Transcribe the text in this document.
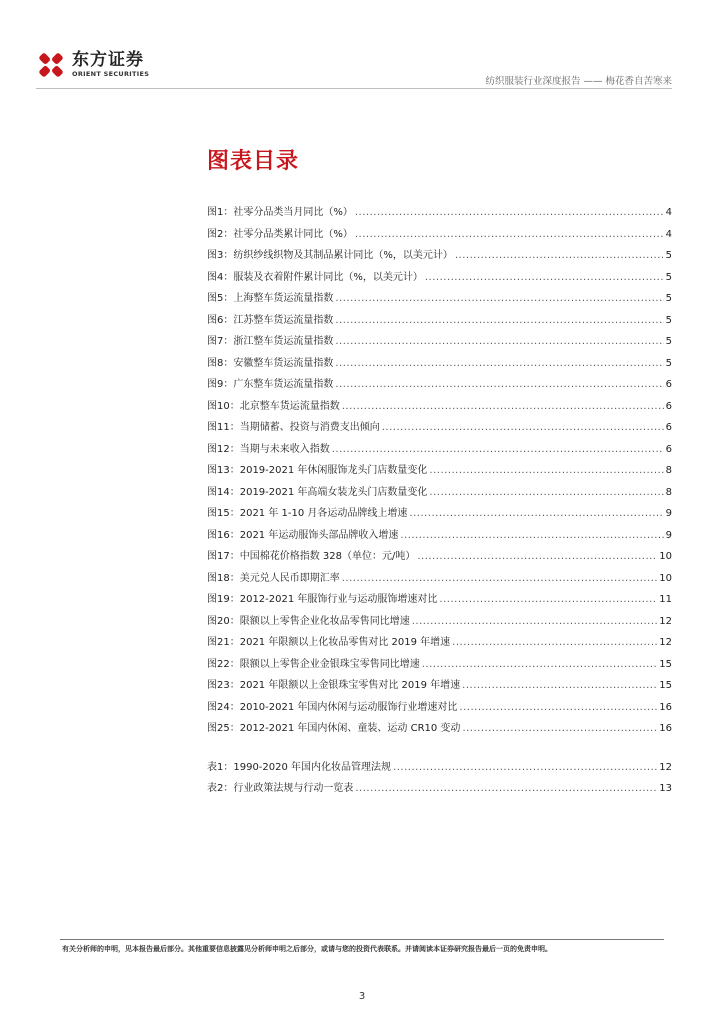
东方证券
ORIENT SECURITIES
纺织服装行业深度报告 —— 梅花香自苦寒来
图表目录
图1：社零分品类当月同比（%） .....	4
图2：社零分品类累计同比（%） .....	4
图3：纺织纱线织物及其制品累计同比（%，以美元计） .....	5
图4：服装及衣着附件累计同比（%，以美元计） .....	5
图5：上海整车货运流量指数 .....	5
图6：江苏整车货运流量指数 .....	5
图7：浙江整车货运流量指数 .....	5
图8：安徽整车货运流量指数 .....	5
图9：广东整车货运流量指数 .....	6
图10：北京整车货运流量指数 .....	6
图11：当期储蓄、投资与消费支出倾向 .....	6
图12：当期与未来收入指数 .....	6
图13：2019-2021 年休闲服饰龙头门店数量变化 .....	8
图14：2019-2021 年高端女装龙头门店数量变化 .....	8
图15：2021 年 1-10 月各运动品牌线上增速 .....	9
图16：2021 年运动服饰头部品牌收入增速 .....	9
图17：中国棉花价格指数 328（单位：元/吨） .....	10
图18：美元兑人民币即期汇率 .....	10
图19：2012-2021 年服饰行业与运动服饰增速对比 .....	11
图20：限额以上零售企业化妆品零售同比增速 .....	12
图21：2021 年限额以上化妆品零售对比 2019 年增速 .....	12
图22：限额以上零售企业金银珠宝零售同比增速 .....	15
图23：2021 年限额以上金银珠宝零售对比 2019 年增速 .....	15
图24：2010-2021 年国内休闲与运动服饰行业增速对比 .....	16
图25：2012-2021 年国内休闲、童装、运动 CR10 变动 .....	16
表1：1990-2020 年国内化妆品管理法规 .....	12
表2：行业政策法规与行动一览表 .....	13
有关分析师的申明，见本报告最后部分。其他重要信息披露见分析师申明之后部分，或请与您的投资代表联系。并请阅读本证券研究报告最后一页的免责申明。
3
